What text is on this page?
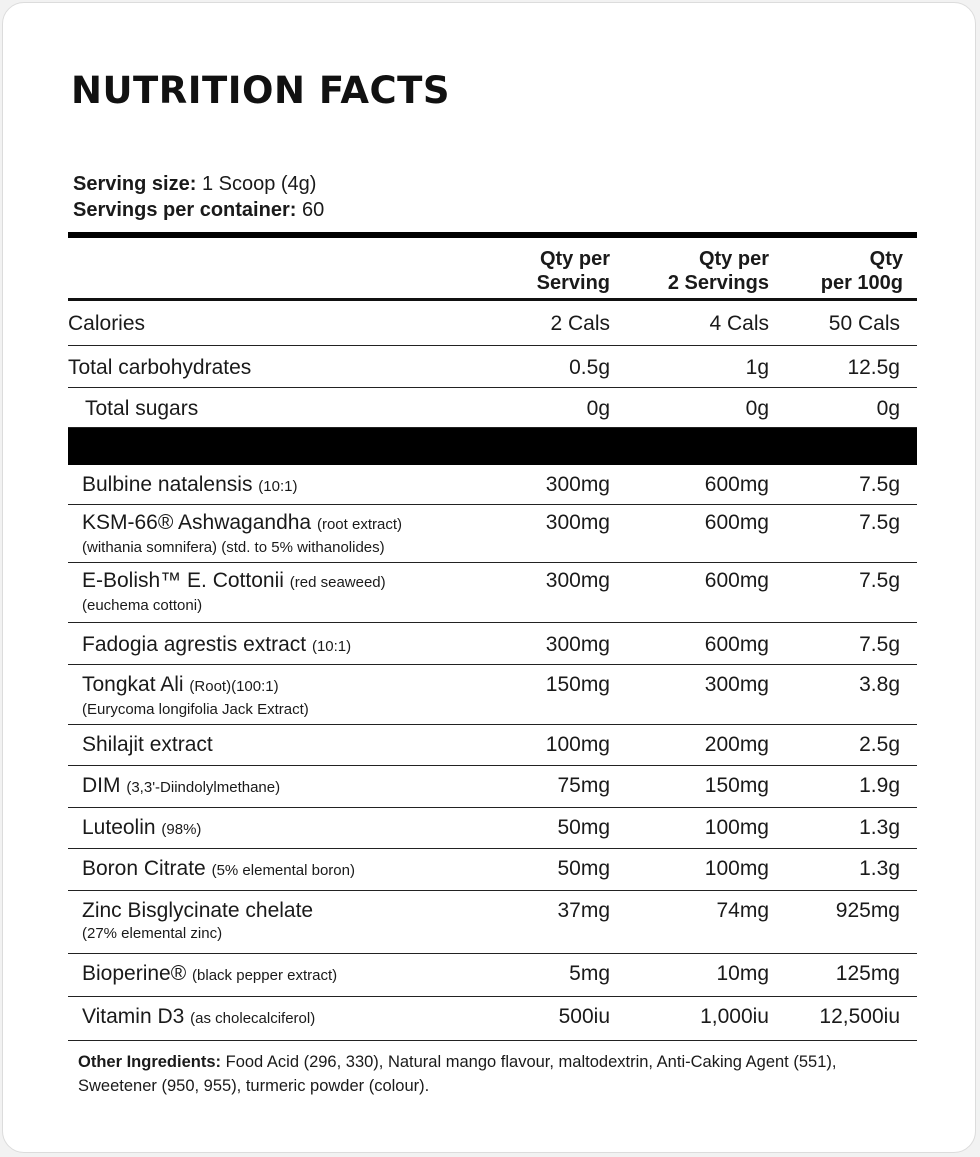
NUTRITION FACTS
Serving size: 1 Scoop (4g)
Servings per container: 60
Qty per
Serving
Qty per
2 Servings
Qty
per 100g
Calories	2 Cals	4 Cals	50 Cals
Total carbohydrates	0.5g	1g	12.5g
Total sugars	0g	0g	0g
Bulbine natalensis (10:1)	300mg	600mg	7.5g
KSM-66® Ashwagandha (root extract)
(withania somnifera) (std. to 5% withanolides)
300mg	600mg	7.5g
E-Bolish™ E. Cottonii (red seaweed)
(euchema cottoni)
300mg	600mg	7.5g
Fadogia agrestis extract (10:1)	300mg	600mg	7.5g
Tongkat Ali (Root)(100:1)
(Eurycoma longifolia Jack Extract)
150mg	300mg	3.8g
Shilajit extract	100mg	200mg	2.5g
DIM (3,3'-Diindolylmethane)	75mg	150mg	1.9g
Luteolin (98%)	50mg	100mg	1.3g
Boron Citrate (5% elemental boron)	50mg	100mg	1.3g
Zinc Bisglycinate chelate
(27% elemental zinc)
37mg	74mg	925mg
Bioperine® (black pepper extract)	5mg	10mg	125mg
Vitamin D3 (as cholecalciferol)	500iu	1,000iu 12,500iu
Other Ingredients: Food Acid (296, 330), Natural mango flavour, maltodextrin, Anti-Caking Agent (551), Sweetener (950, 955), turmeric powder (colour).
